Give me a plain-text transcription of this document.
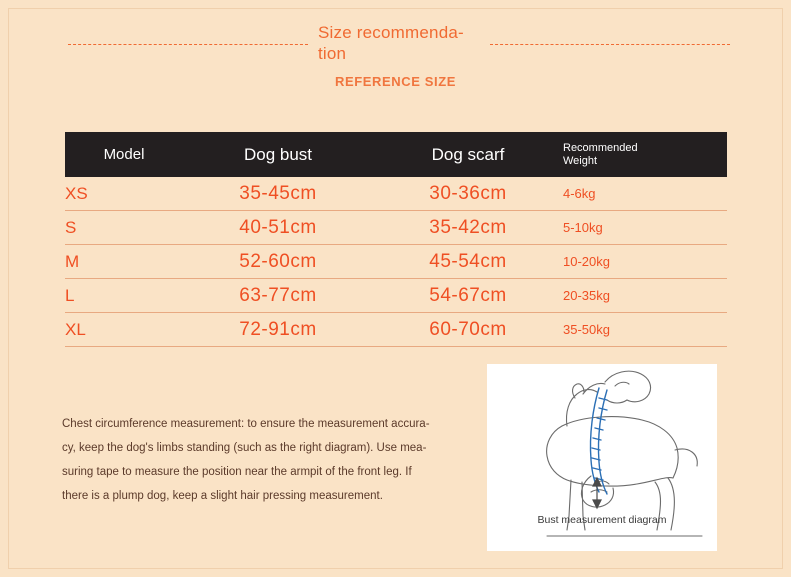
Size recommenda-tion
REFERENCE SIZE
Model	Dog bust	Dog scarf	Recommended Weight

XS	35-45cm	30-36cm	4-6kg
S	40-51cm	35-42cm	5-10kg
M	52-60cm	45-54cm	10-20kg
L	63-77cm	54-67cm	20-35kg
XL	72-91cm	60-70cm	35-50kg
Chest circumference measurement: to ensure the measurement accura-
cy, keep the dog's limbs standing (such as the right diagram). Use mea-
suring tape to measure the position near the armpit of the front leg. If
there is a plump dog, keep a slight hair pressing measurement.
Bust measurement diagram
